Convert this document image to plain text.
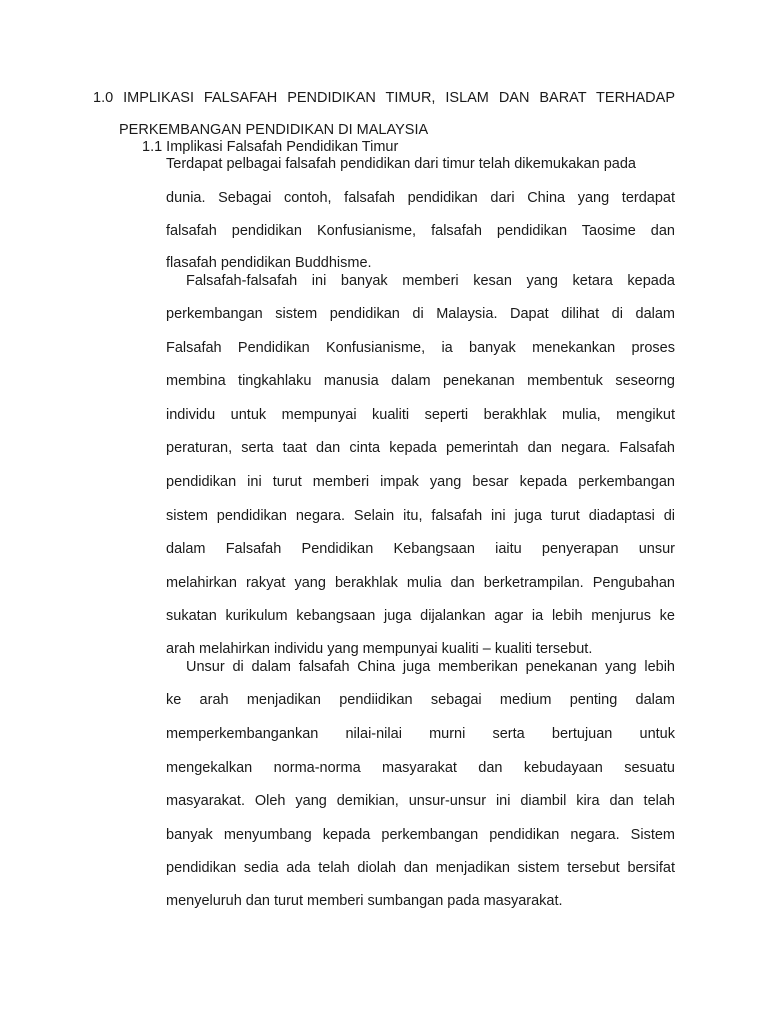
1.0 IMPLIKASI FALSAFAH PENDIDIKAN TIMUR, ISLAM DAN BARAT TERHADAP

PERKEMBANGAN PENDIDIKAN DI MALAYSIA

1.1 Implikasi Falsafah Pendidikan Timur

Terdapat pelbagai falsafah pendidikan dari timur telah dikemukakan pada

dunia. Sebagai contoh, falsafah pendidikan dari China yang terdapat

falsafah pendidikan Konfusianisme, falsafah pendidikan Taosime dan

flasafah pendidikan Buddhisme.

Falsafah-falsafah ini banyak memberi kesan yang ketara kepada

perkembangan sistem pendidikan di Malaysia. Dapat dilihat di dalam

Falsafah Pendidikan Konfusianisme, ia banyak menekankan proses

membina tingkahlaku manusia dalam penekanan membentuk seseorng

individu untuk mempunyai kualiti seperti berakhlak mulia, mengikut

peraturan, serta taat dan cinta kepada pemerintah dan negara. Falsafah

pendidikan ini turut memberi impak yang besar kepada perkembangan

sistem pendidikan negara. Selain itu, falsafah ini juga turut diadaptasi di

dalam Falsafah Pendidikan Kebangsaan iaitu penyerapan unsur

melahirkan rakyat yang berakhlak mulia dan berketrampilan. Pengubahan

sukatan kurikulum kebangsaan juga dijalankan agar ia lebih menjurus ke

arah melahirkan individu yang mempunyai kualiti – kualiti tersebut.

Unsur di dalam falsafah China juga memberikan penekanan yang lebih

ke arah menjadikan pendiidikan sebagai medium penting dalam

memperkembangankan nilai-nilai murni serta bertujuan untuk

mengekalkan norma-norma masyarakat dan kebudayaan sesuatu

masyarakat. Oleh yang demikian, unsur-unsur ini diambil kira dan telah

banyak menyumbang kepada perkembangan pendidikan negara. Sistem

pendidikan sedia ada telah diolah dan menjadikan sistem tersebut bersifat

menyeluruh dan turut memberi sumbangan pada masyarakat.
